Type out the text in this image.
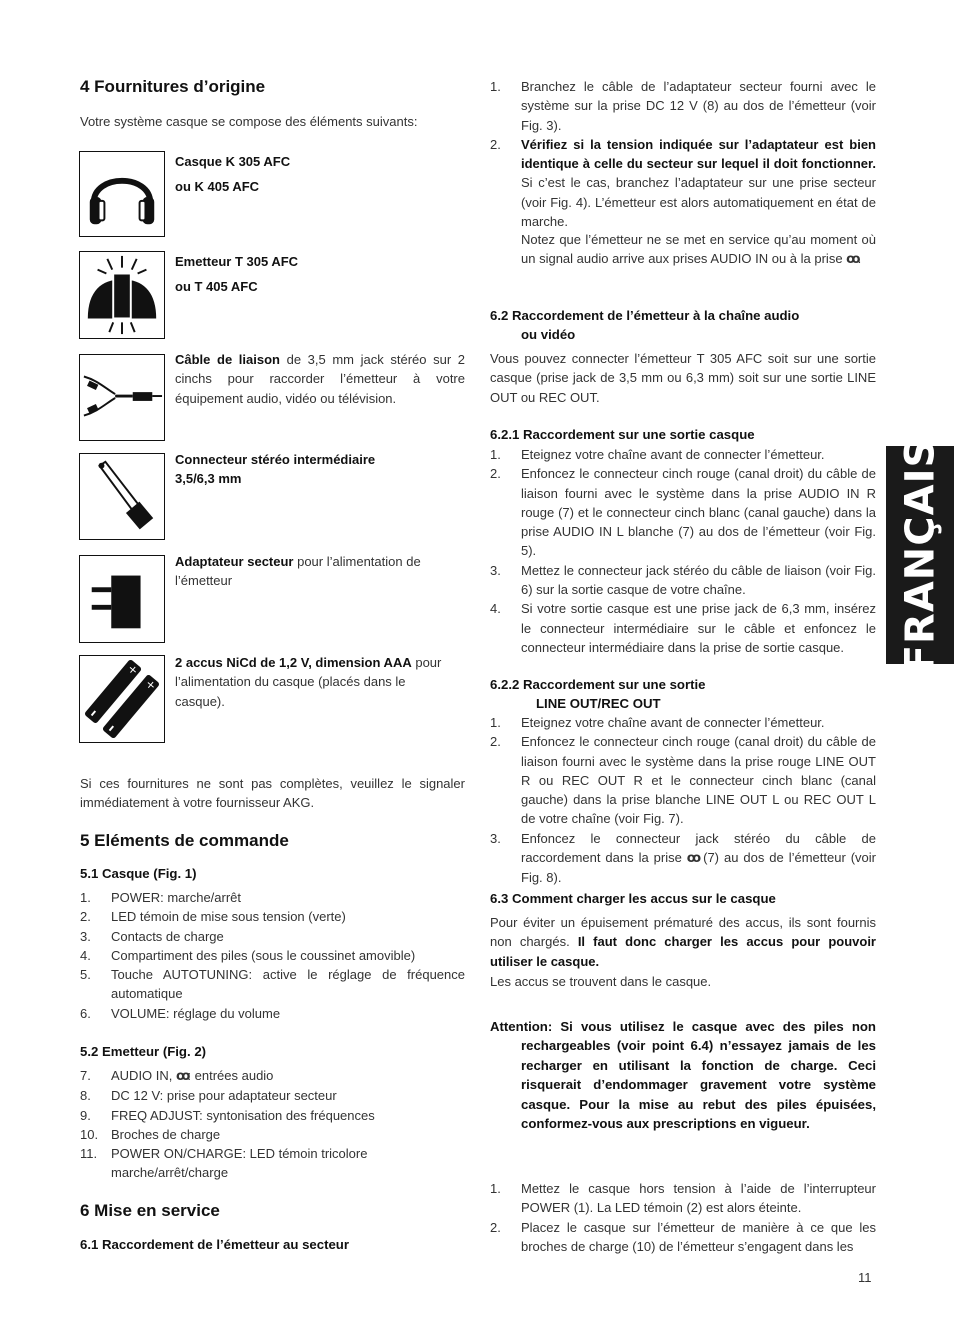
4 Fournitures d’origine

Votre système casque se compose des éléments suivants:

Casque K 305 AFC
ou K 405 AFC
Emetteur T 305 AFC
ou T 405 AFC
Câble de liaison de 3,5 mm jack stéréo sur 2 cinchs pour raccorder l’émetteur à votre équipement audio, vidéo ou télévision.
Connecteur stéréo intermédiaire
3,5/6,3 mm
Adaptateur secteur pour l’alimentation de l’émetteur
+
+
2 accus NiCd de 1,2 V, dimension AAA pour l’alimentation du casque (placés dans le casque).

Si ces fournitures ne sont pas complètes, veuillez le signaler immédiatement à votre fournisseur AKG.

5 Eléments de commande
5.1 Casque (Fig. 1)
1. POWER: marche/arrêt
2. LED témoin de mise sous tension (verte)
3. Contacts de charge
4. Compartiment des piles (sous le coussinet amovible)
5. Touche AUTOTUNING: active le réglage de fréquence automatique
6. VOLUME: réglage du volume
5.2 Emetteur (Fig. 2)
7. AUDIO IN, ꝏ: entrées audio
8. DC 12 V: prise pour adaptateur secteur
9. FREQ ADJUST: syntonisation des fréquences
10. Broches de charge
11. POWER ON/CHARGE: LED témoin tricolore marche/arrêt/charge
6 Mise en service
6.1 Raccordement de l’émetteur au secteur
1. Branchez le câble de l’adaptateur secteur fourni avec le système sur la prise DC 12 V (8) au dos de l’émetteur (voir Fig. 3).
2. Vérifiez si la tension indiquée sur l’adaptateur est bien identique à celle du secteur sur lequel il doit fonctionner. Si c’est le cas, branchez l’adaptateur sur une prise secteur (voir Fig. 4). L’émetteur est alors automatiquement en état de marche.

Notez que l’émetteur ne se met en service qu’au moment où un signal audio arrive aux prises AUDIO IN ou à la prise ꝏ.

6.2 Raccordement de l’émetteur à la chaîne audio
ou vidéo

Vous pouvez connecter l’émetteur T 305 AFC soit sur une sortie casque (prise jack de 3,5 mm ou 6,3 mm) soit sur une sortie LINE OUT ou REC OUT.

6.2.1 Raccordement sur une sortie casque
1. Eteignez votre chaîne avant de connecter l’émetteur.
2. Enfoncez le connecteur cinch rouge (canal droit) du câble de liaison fourni avec le système dans la prise AUDIO IN R rouge (7) et le connecteur cinch blanc (canal gauche) dans la prise AUDIO IN L blanche (7) au dos de l’émetteur (voir Fig. 5).
3. Mettez le connecteur jack stéréo du câble de liaison (voir Fig. 6) sur la sortie casque de votre chaîne.
4. Si votre sortie casque est une prise jack de 6,3 mm, insérez le connecteur intermédiaire sur le câble et enfoncez le connecteur intermédiaire dans la prise de sortie casque.
6.2.2 Raccordement sur une sortie
LINE OUT/REC OUT
1. Eteignez votre chaîne avant de connecter l’émetteur.
2. Enfoncez le connecteur cinch rouge (canal droit) du câble de liaison fourni avec le système dans la prise rouge LINE OUT R ou REC OUT R et le connecteur cinch blanc (canal gauche) dans la prise blanche LINE OUT L ou REC OUT L de votre chaîne (voir Fig. 7).
3. Enfoncez le connecteur jack stéréo du câble de raccordement dans la prise ꝏ (7) au dos de l’émetteur (voir Fig. 8).
6.3 Comment charger les accus sur le casque

Pour éviter un épuisement prématuré des accus, ils sont fournis non chargés. Il faut donc charger les accus pour pouvoir utiliser le casque.

Les accus se trouvent dans le casque.

Attention: Si vous utilisez le casque avec des piles non rechargeables (voir point 6.4) n’essayez jamais de les recharger en utilisant la fonction de charge. Ceci risquerait d’endommager gravement votre système casque. Pour la mise au rebut des piles épuisées, conformez-vous aux prescriptions en vigueur.

1. Mettez le casque hors tension à l’aide de l’interrupteur POWER (1). La LED témoin (2) est alors éteinte.
2. Placez le casque sur l’émetteur de manière à ce que les broches de charge (10) de l’émetteur s’engagent dans les
FRANÇAIS
11
